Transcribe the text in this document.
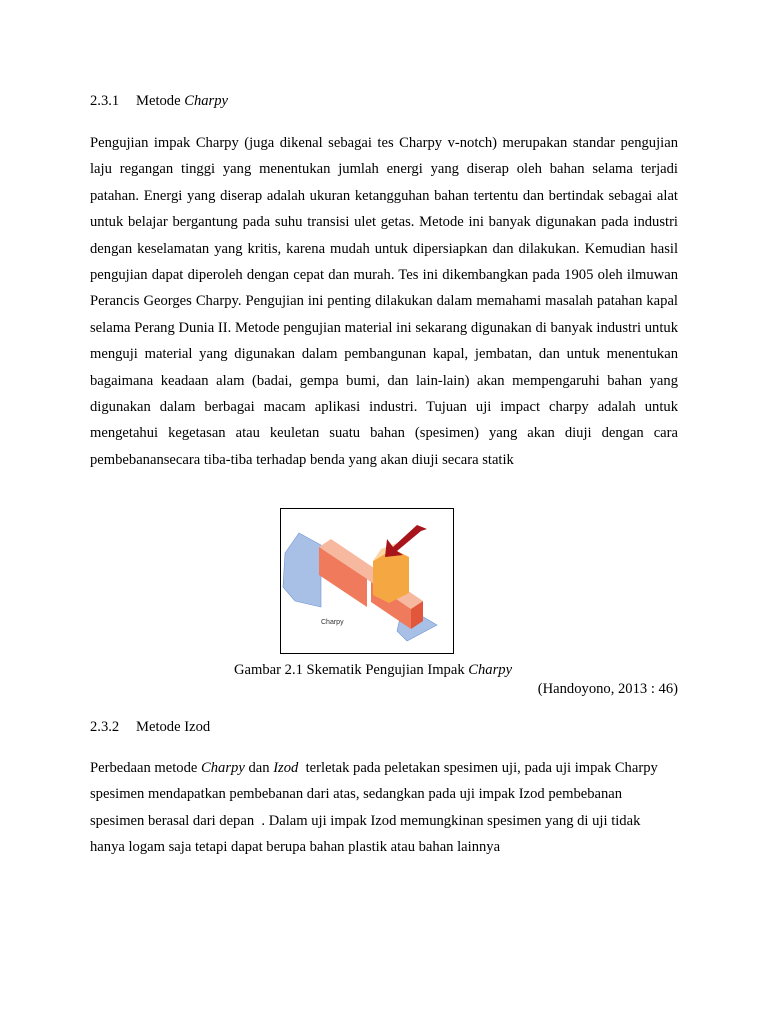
2.3.1 Metode Charpy
Pengujian impak Charpy (juga dikenal sebagai tes Charpy v-notch) merupakan standar pengujian laju regangan tinggi yang menentukan jumlah energi yang diserap oleh bahan selama terjadi patahan. Energi yang diserap adalah ukuran ketangguhan bahan tertentu dan bertindak sebagai alat untuk belajar bergantung pada suhu transisi ulet getas. Metode ini banyak digunakan pada industri dengan keselamatan yang kritis, karena mudah untuk dipersiapkan dan dilakukan. Kemudian hasil pengujian dapat diperoleh dengan cepat dan murah. Tes ini dikembangkan pada 1905 oleh ilmuwan Perancis Georges Charpy. Pengujian ini penting dilakukan dalam memahami masalah patahan kapal selama Perang Dunia II. Metode pengujian material ini sekarang digunakan di banyak industri untuk menguji material yang digunakan dalam pembangunan kapal, jembatan, dan untuk menentukan bagaimana keadaan alam (badai, gempa bumi, dan lain-lain) akan mempengaruhi bahan yang digunakan dalam berbagai macam aplikasi industri. Tujuan uji impact charpy adalah untuk mengetahui kegetasan atau keuletan suatu bahan (spesimen) yang akan diuji dengan cara pembebanansecara tiba-tiba terhadap benda yang akan diuji secara statik
Charpy
Gambar 2.1 Skematik Pengujian Impak Charpy
(Handoyono, 2013 : 46)
2.3.2 Metode Izod
Perbedaan metode Charpy dan Izod  terletak pada peletakan spesimen uji, pada uji impak Charpy spesimen mendapatkan pembebanan dari atas, sedangkan pada uji impak Izod pembebanan spesimen berasal dari depan  . Dalam uji impak Izod memungkinan spesimen yang di uji tidak hanya logam saja tetapi dapat berupa bahan plastik atau bahan lainnya
